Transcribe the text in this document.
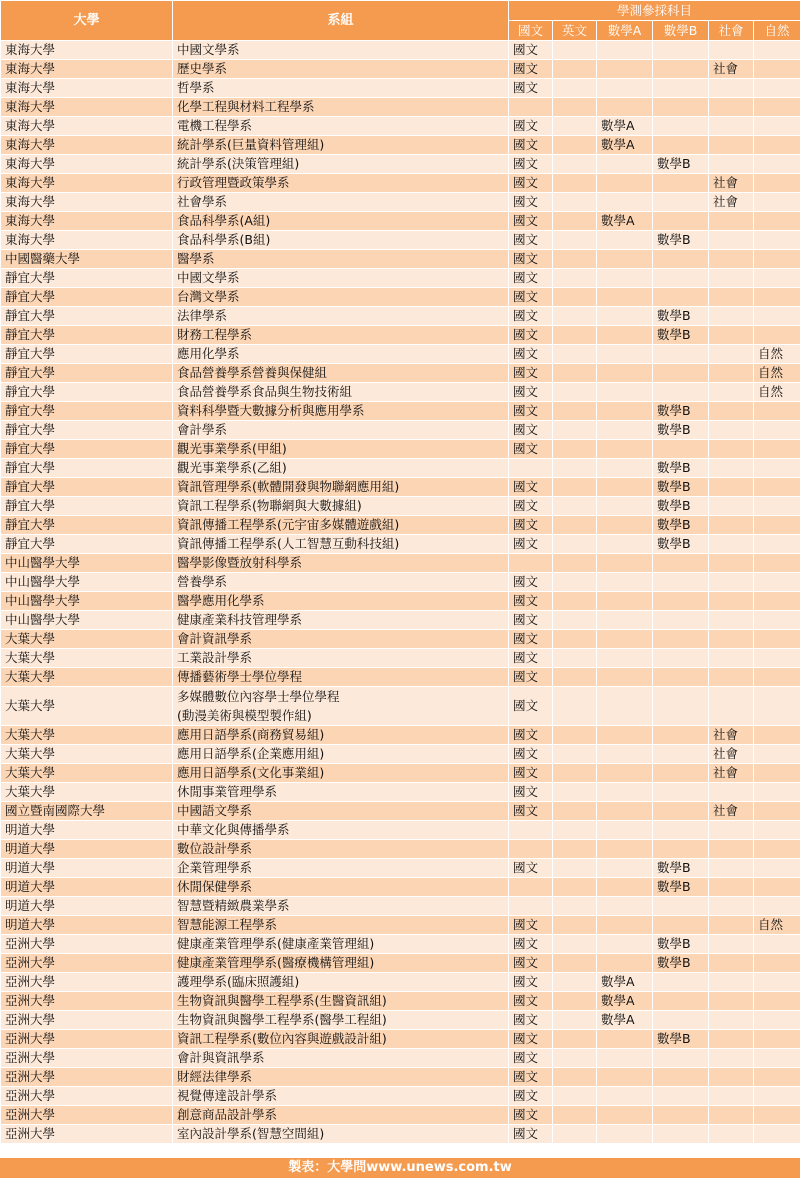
大學	系組	學測參採科目					
		國文	英文	數學A	數學B	社會	自然
東海大學	中國文學系	國文					
東海大學	歷史學系	國文				社會	
東海大學	哲學系	國文					
東海大學	化學工程與材料工程學系						
東海大學	電機工程學系	國文		數學A			
東海大學	統計學系(巨量資料管理組)	國文		數學A			
東海大學	統計學系(決策管理組)	國文			數學B		
東海大學	行政管理暨政策學系	國文				社會	
東海大學	社會學系	國文				社會	
東海大學	食品科學系(A組)	國文		數學A			
東海大學	食品科學系(B組)	國文			數學B		
中國醫藥大學	醫學系	國文					
靜宜大學	中國文學系	國文					
靜宜大學	台灣文學系	國文					
靜宜大學	法律學系	國文			數學B		
靜宜大學	財務工程學系	國文			數學B		
靜宜大學	應用化學系	國文					自然
靜宜大學	食品營養學系營養與保健組	國文					自然
靜宜大學	食品營養學系食品與生物技術組	國文					自然
靜宜大學	資料科學暨大數據分析與應用學系	國文			數學B		
靜宜大學	會計學系	國文			數學B		
靜宜大學	觀光事業學系(甲組)	國文					
靜宜大學	觀光事業學系(乙組)				數學B		
靜宜大學	資訊管理學系(軟體開發與物聯網應用組)	國文			數學B		
靜宜大學	資訊工程學系(物聯網與大數據組)	國文			數學B		
靜宜大學	資訊傳播工程學系(元宇宙多媒體遊戲組)	國文			數學B		
靜宜大學	資訊傳播工程學系(人工智慧互動科技組)	國文			數學B		
中山醫學大學	醫學影像暨放射科學系						
中山醫學大學	營養學系	國文					
中山醫學大學	醫學應用化學系	國文					
中山醫學大學	健康產業科技管理學系	國文					
大葉大學	會計資訊學系	國文					
大葉大學	工業設計學系	國文					
大葉大學	傳播藝術學士學位學程	國文					
大葉大學	多媒體數位內容學士學位學程
(動漫美術與模型製作組)	國文					
大葉大學	應用日語學系(商務貿易組)	國文				社會	
大葉大學	應用日語學系(企業應用組)	國文				社會	
大葉大學	應用日語學系(文化事業組)	國文				社會	
大葉大學	休閒事業管理學系	國文					
國立暨南國際大學	中國語文學系	國文				社會	
明道大學	中華文化與傳播學系						
明道大學	數位設計學系						
明道大學	企業管理學系	國文			數學B		
明道大學	休閒保健學系				數學B		
明道大學	智慧暨精緻農業學系						
明道大學	智慧能源工程學系	國文					自然
亞洲大學	健康產業管理學系(健康產業管理組)	國文			數學B		
亞洲大學	健康產業管理學系(醫療機構管理組)	國文			數學B		
亞洲大學	護理學系(臨床照護組)	國文		數學A			
亞洲大學	生物資訊與醫學工程學系(生醫資訊組)	國文		數學A			
亞洲大學	生物資訊與醫學工程學系(醫學工程組)	國文		數學A			
亞洲大學	資訊工程學系(數位內容與遊戲設計組)	國文			數學B		
亞洲大學	會計與資訊學系	國文					
亞洲大學	財經法律學系	國文					
亞洲大學	視覺傳達設計學系	國文					
亞洲大學	創意商品設計學系	國文					
亞洲大學	室內設計學系(智慧空間組)	國文					
製表：大學問www.unews.com.tw
